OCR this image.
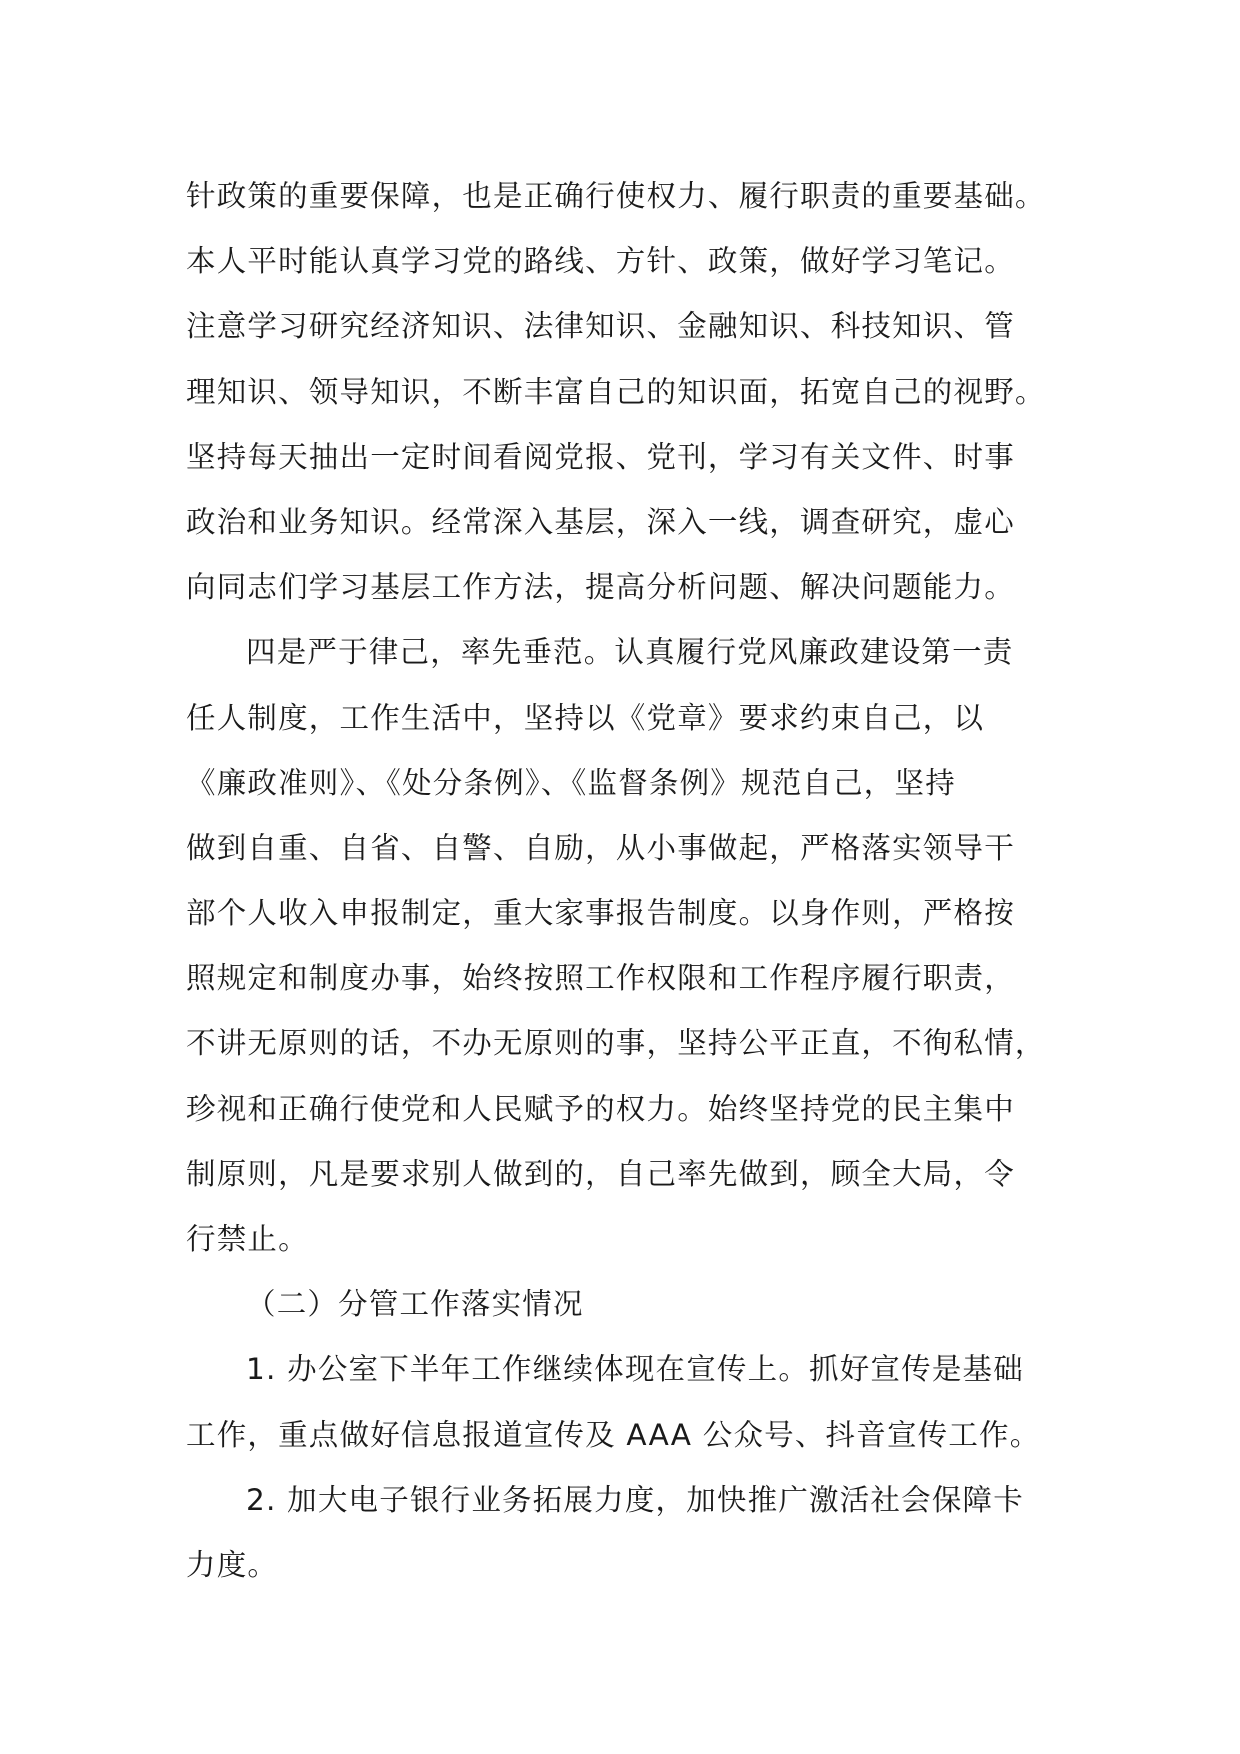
针政策的重要保障，也是正确行使权力、履行职责的重要基础。
本人平时能认真学习党的路线、方针、政策，做好学习笔记。
注意学习研究经济知识、法律知识、金融知识、科技知识、管
理知识、领导知识，不断丰富自己的知识面，拓宽自己的视野。
坚持每天抽出一定时间看阅党报、党刊，学习有关文件、时事
政治和业务知识。经常深入基层，深入一线，调查研究，虚心
向同志们学习基层工作方法，提高分析问题、解决问题能力。
四是严于律己，率先垂范。认真履行党风廉政建设第一责
任人制度，工作生活中，坚持以《党章》要求约束自己，以
《廉政准则》、《处分条例》、《监督条例》规范自己，坚持
做到自重、自省、自警、自励，从小事做起，严格落实领导干
部个人收入申报制定，重大家事报告制度。以身作则，严格按
照规定和制度办事，始终按照工作权限和工作程序履行职责，
不讲无原则的话，不办无原则的事，坚持公平正直，不徇私情，
珍视和正确行使党和人民赋予的权力。始终坚持党的民主集中
制原则，凡是要求别人做到的，自己率先做到，顾全大局，令
行禁止。
（二）分管工作落实情况
1. 办公室下半年工作继续体现在宣传上。抓好宣传是基础
工作，重点做好信息报道宣传及 AAA 公众号、抖音宣传工作。
2. 加大电子银行业务拓展力度，加快推广激活社会保障卡
力度。
